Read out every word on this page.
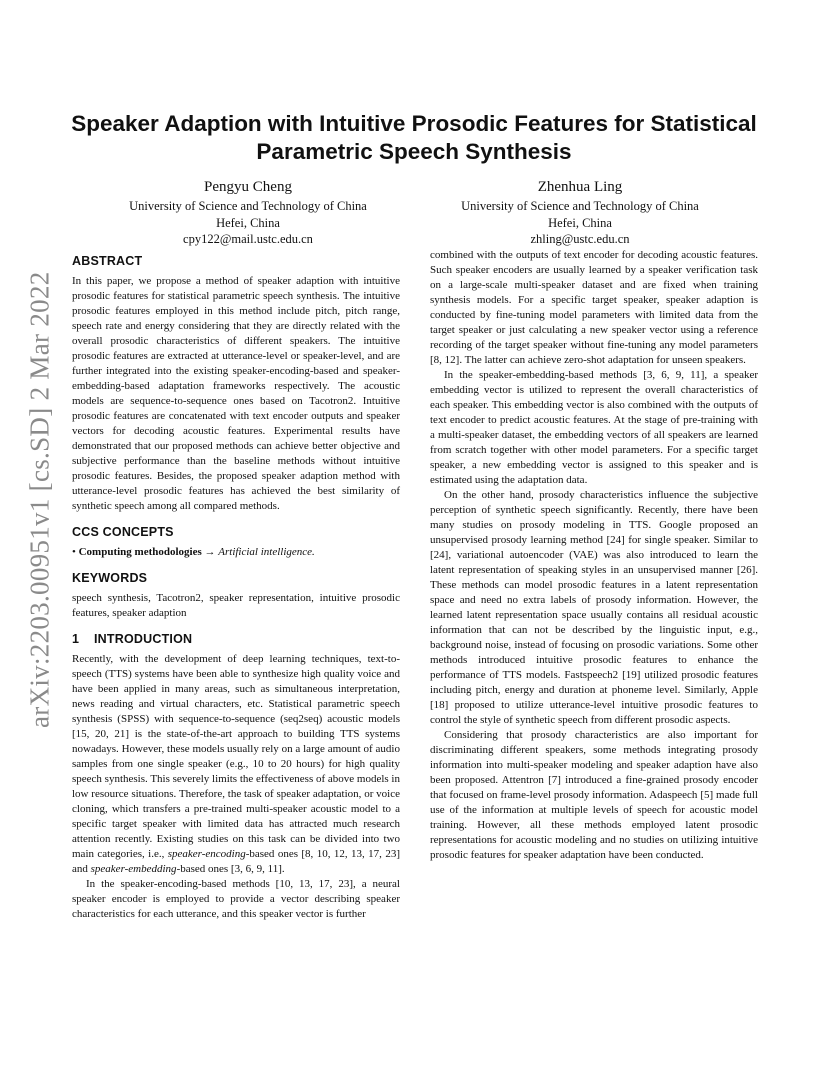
arXiv:2203.00951v1 [cs.SD] 2 Mar 2022
Speaker Adaption with Intuitive Prosodic Features for Statistical Parametric Speech Synthesis
Pengyu Cheng
University of Science and Technology of China
Hefei, China
cpy122@mail.ustc.edu.cn
Zhenhua Ling
University of Science and Technology of China
Hefei, China
zhling@ustc.edu.cn
ABSTRACT

In this paper, we propose a method of speaker adaption with intuitive prosodic features for statistical parametric speech synthesis. The intuitive prosodic features employed in this method include pitch, pitch range, speech rate and energy considering that they are directly related with the overall prosodic characteristics of different speakers. The intuitive prosodic features are extracted at utterance-level or speaker-level, and are further integrated into the existing speaker-encoding-based and speaker-embedding-based adaptation frameworks respectively. The acoustic models are sequence-to-sequence ones based on Tacotron2. Intuitive prosodic features are concatenated with text encoder outputs and speaker vectors for decoding acoustic features. Experimental results have demonstrated that our proposed methods can achieve better objective and subjective performance than the baseline methods without intuitive prosodic features. Besides, the proposed speaker adaption method with utterance-level prosodic features has achieved the best similarity of synthetic speech among all compared methods.

CCS CONCEPTS

• Computing methodologies → Artificial intelligence.

KEYWORDS

speech synthesis, Tacotron2, speaker representation, intuitive prosodic features, speaker adaption

1 INTRODUCTION

Recently, with the development of deep learning techniques, text-to-speech (TTS) systems have been able to synthesize high quality voice and have been applied in many areas, such as simultaneous interpretation, news reading and virtual characters, etc. Statistical parametric speech synthesis (SPSS) with sequence-to-sequence (seq2seq) acoustic models [15, 20, 21] is the state-of-the-art approach to building TTS systems nowadays. However, these models usually rely on a large amount of audio samples from one single speaker (e.g., 10 to 20 hours) for high quality speech synthesis. This severely limits the effectiveness of above models in low resource situations. Therefore, the task of speaker adaptation, or voice cloning, which transfers a pre-trained multi-speaker acoustic model to a specific target speaker with limited data has attracted much research attention recently. Existing studies on this task can be divided into two main categories, i.e., speaker-encoding-based ones [8, 10, 12, 13, 17, 23] and speaker-embedding-based ones [3, 6, 9, 11].

In the speaker-encoding-based methods [10, 13, 17, 23], a neural speaker encoder is employed to provide a vector describing speaker characteristics for each utterance, and this speaker vector is further

combined with the outputs of text encoder for decoding acoustic features. Such speaker encoders are usually learned by a speaker verification task on a large-scale multi-speaker dataset and are fixed when training synthesis models. For a specific target speaker, speaker adaption is conducted by fine-tuning model parameters with limited data from the target speaker or just calculating a new speaker vector using a reference recording of the target speaker without fine-tuning any model parameters [8, 12]. The latter can achieve zero-shot adaptation for unseen speakers.

In the speaker-embedding-based methods [3, 6, 9, 11], a speaker embedding vector is utilized to represent the overall characteristics of each speaker. This embedding vector is also combined with the outputs of text encoder to predict acoustic features. At the stage of pre-training with a multi-speaker dataset, the embedding vectors of all speakers are learned from scratch together with other model parameters. For a specific target speaker, a new embedding vector is assigned to this speaker and is estimated using the adaptation data.

On the other hand, prosody characteristics influence the subjective perception of synthetic speech significantly. Recently, there have been many studies on prosody modeling in TTS. Google proposed an unsupervised prosody learning method [24] for single speaker. Similar to [24], variational autoencoder (VAE) was also introduced to learn the latent representation of speaking styles in an unsupervised manner [26]. These methods can model prosodic features in a latent representation space and need no extra labels of prosody information. However, the learned latent representation space usually contains all residual acoustic information that can not be described by the linguistic input, e.g., background noise, instead of focusing on prosodic variations. Some other methods introduced intuitive prosodic features to enhance the performance of TTS models. Fastspeech2 [19] utilized prosodic features including pitch, energy and duration at phoneme level. Similarly, Apple [18] proposed to utilize utterance-level intuitive prosodic features to control the style of synthetic speech from different prosodic aspects.

Considering that prosody characteristics are also important for discriminating different speakers, some methods integrating prosody information into multi-speaker modeling and speaker adaption have also been proposed. Attentron [7] introduced a fine-grained prosody encoder that focused on frame-level prosody information. Adaspeech [5] made full use of the information at multiple levels of speech for acoustic model training. However, all these methods employed latent prosodic representations for acoustic modeling and no studies on utilizing intuitive prosodic features for speaker adaptation have been conducted.
